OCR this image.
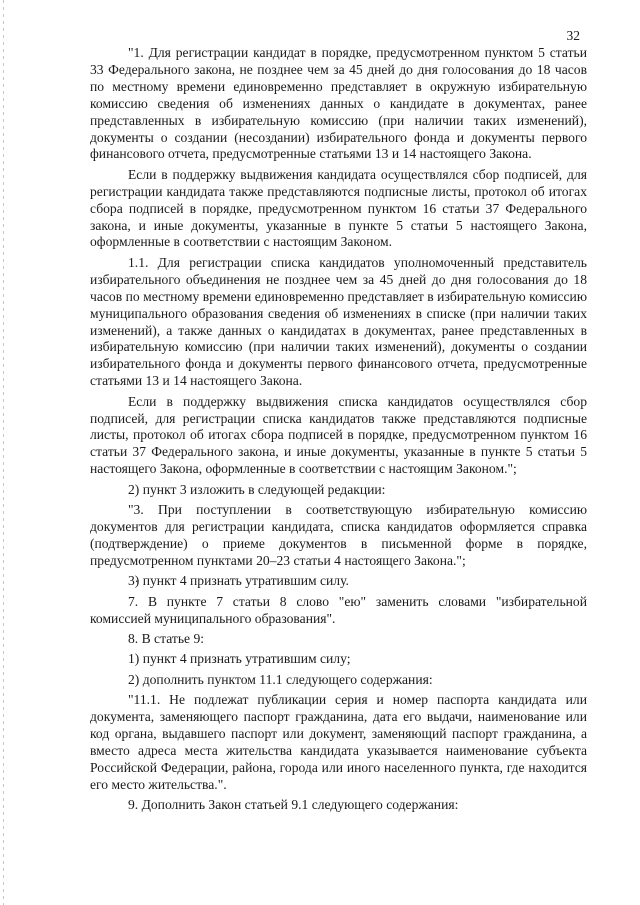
32

"1. Для регистрации кандидат в порядке, предусмотренном пунктом 5 статьи 33 Федерального закона, не позднее чем за 45 дней до дня голосования до 18 часов по местному времени единовременно представляет в окружную избирательную комиссию сведения об изменениях данных о кандидате в документах, ранее представленных в избирательную комиссию (при наличии таких изменений), документы о создании (несоздании) избирательного фонда и документы первого финансового отчета, предусмотренные статьями 13 и 14 настоящего Закона.

Если в поддержку выдвижения кандидата осуществлялся сбор подписей, для регистрации кандидата также представляются подписные листы, протокол об итогах сбора подписей в порядке, предусмотренном пунктом 16 статьи 37 Федерального закона, и иные документы, указанные в пункте 5 статьи 5 настоящего Закона, оформленные в соответствии с настоящим Законом.

1.1. Для регистрации списка кандидатов уполномоченный представитель избирательного объединения не позднее чем за 45 дней до дня голосования до 18 часов по местному времени единовременно представляет в избирательную комиссию муниципального образования сведения об изменениях в списке (при наличии таких изменений), а также данных о кандидатах в документах, ранее представленных в избирательную комиссию (при наличии таких изменений), документы о создании избирательного фонда и документы первого финансового отчета, предусмотренные статьями 13 и 14 настоящего Закона.

Если в поддержку выдвижения списка кандидатов осуществлялся сбор подписей, для регистрации списка кандидатов также представляются подписные листы, протокол об итогах сбора подписей в порядке, предусмотренном пунктом 16 статьи 37 Федерального закона, и иные документы, указанные в пункте 5 статьи 5 настоящего Закона, оформленные в соответствии с настоящим Законом.";

2) пункт 3 изложить в следующей редакции:

"3. При поступлении в соответствующую избирательную комиссию документов для регистрации кандидата, списка кандидатов оформляется справка (подтверждение) о приеме документов в письменной форме в порядке, предусмотренном пунктами 20–23 статьи 4 настоящего Закона.";

. 3) пункт 4 признать утратившим силу.

7. В пункте 7 статьи 8 слово "ею" заменить словами "избирательной комиссией муниципального образования".

8. В статье 9:

1) пункт 4 признать утратившим силу;

2) дополнить пунктом 11.1 следующего содержания:

"11.1. Не подлежат публикации серия и номер паспорта кандидата или документа, заменяющего паспорт гражданина, дата его выдачи, наименование или код органа, выдавшего паспорт или документ, заменяющий паспорт гражданина, а вместо адреса места жительства кандидата указывается наименование субъекта Российской Федерации, района, города или иного населенного пункта, где находится его место жительства.".

9. Дополнить Закон статьей 9.1 следующего содержания:
